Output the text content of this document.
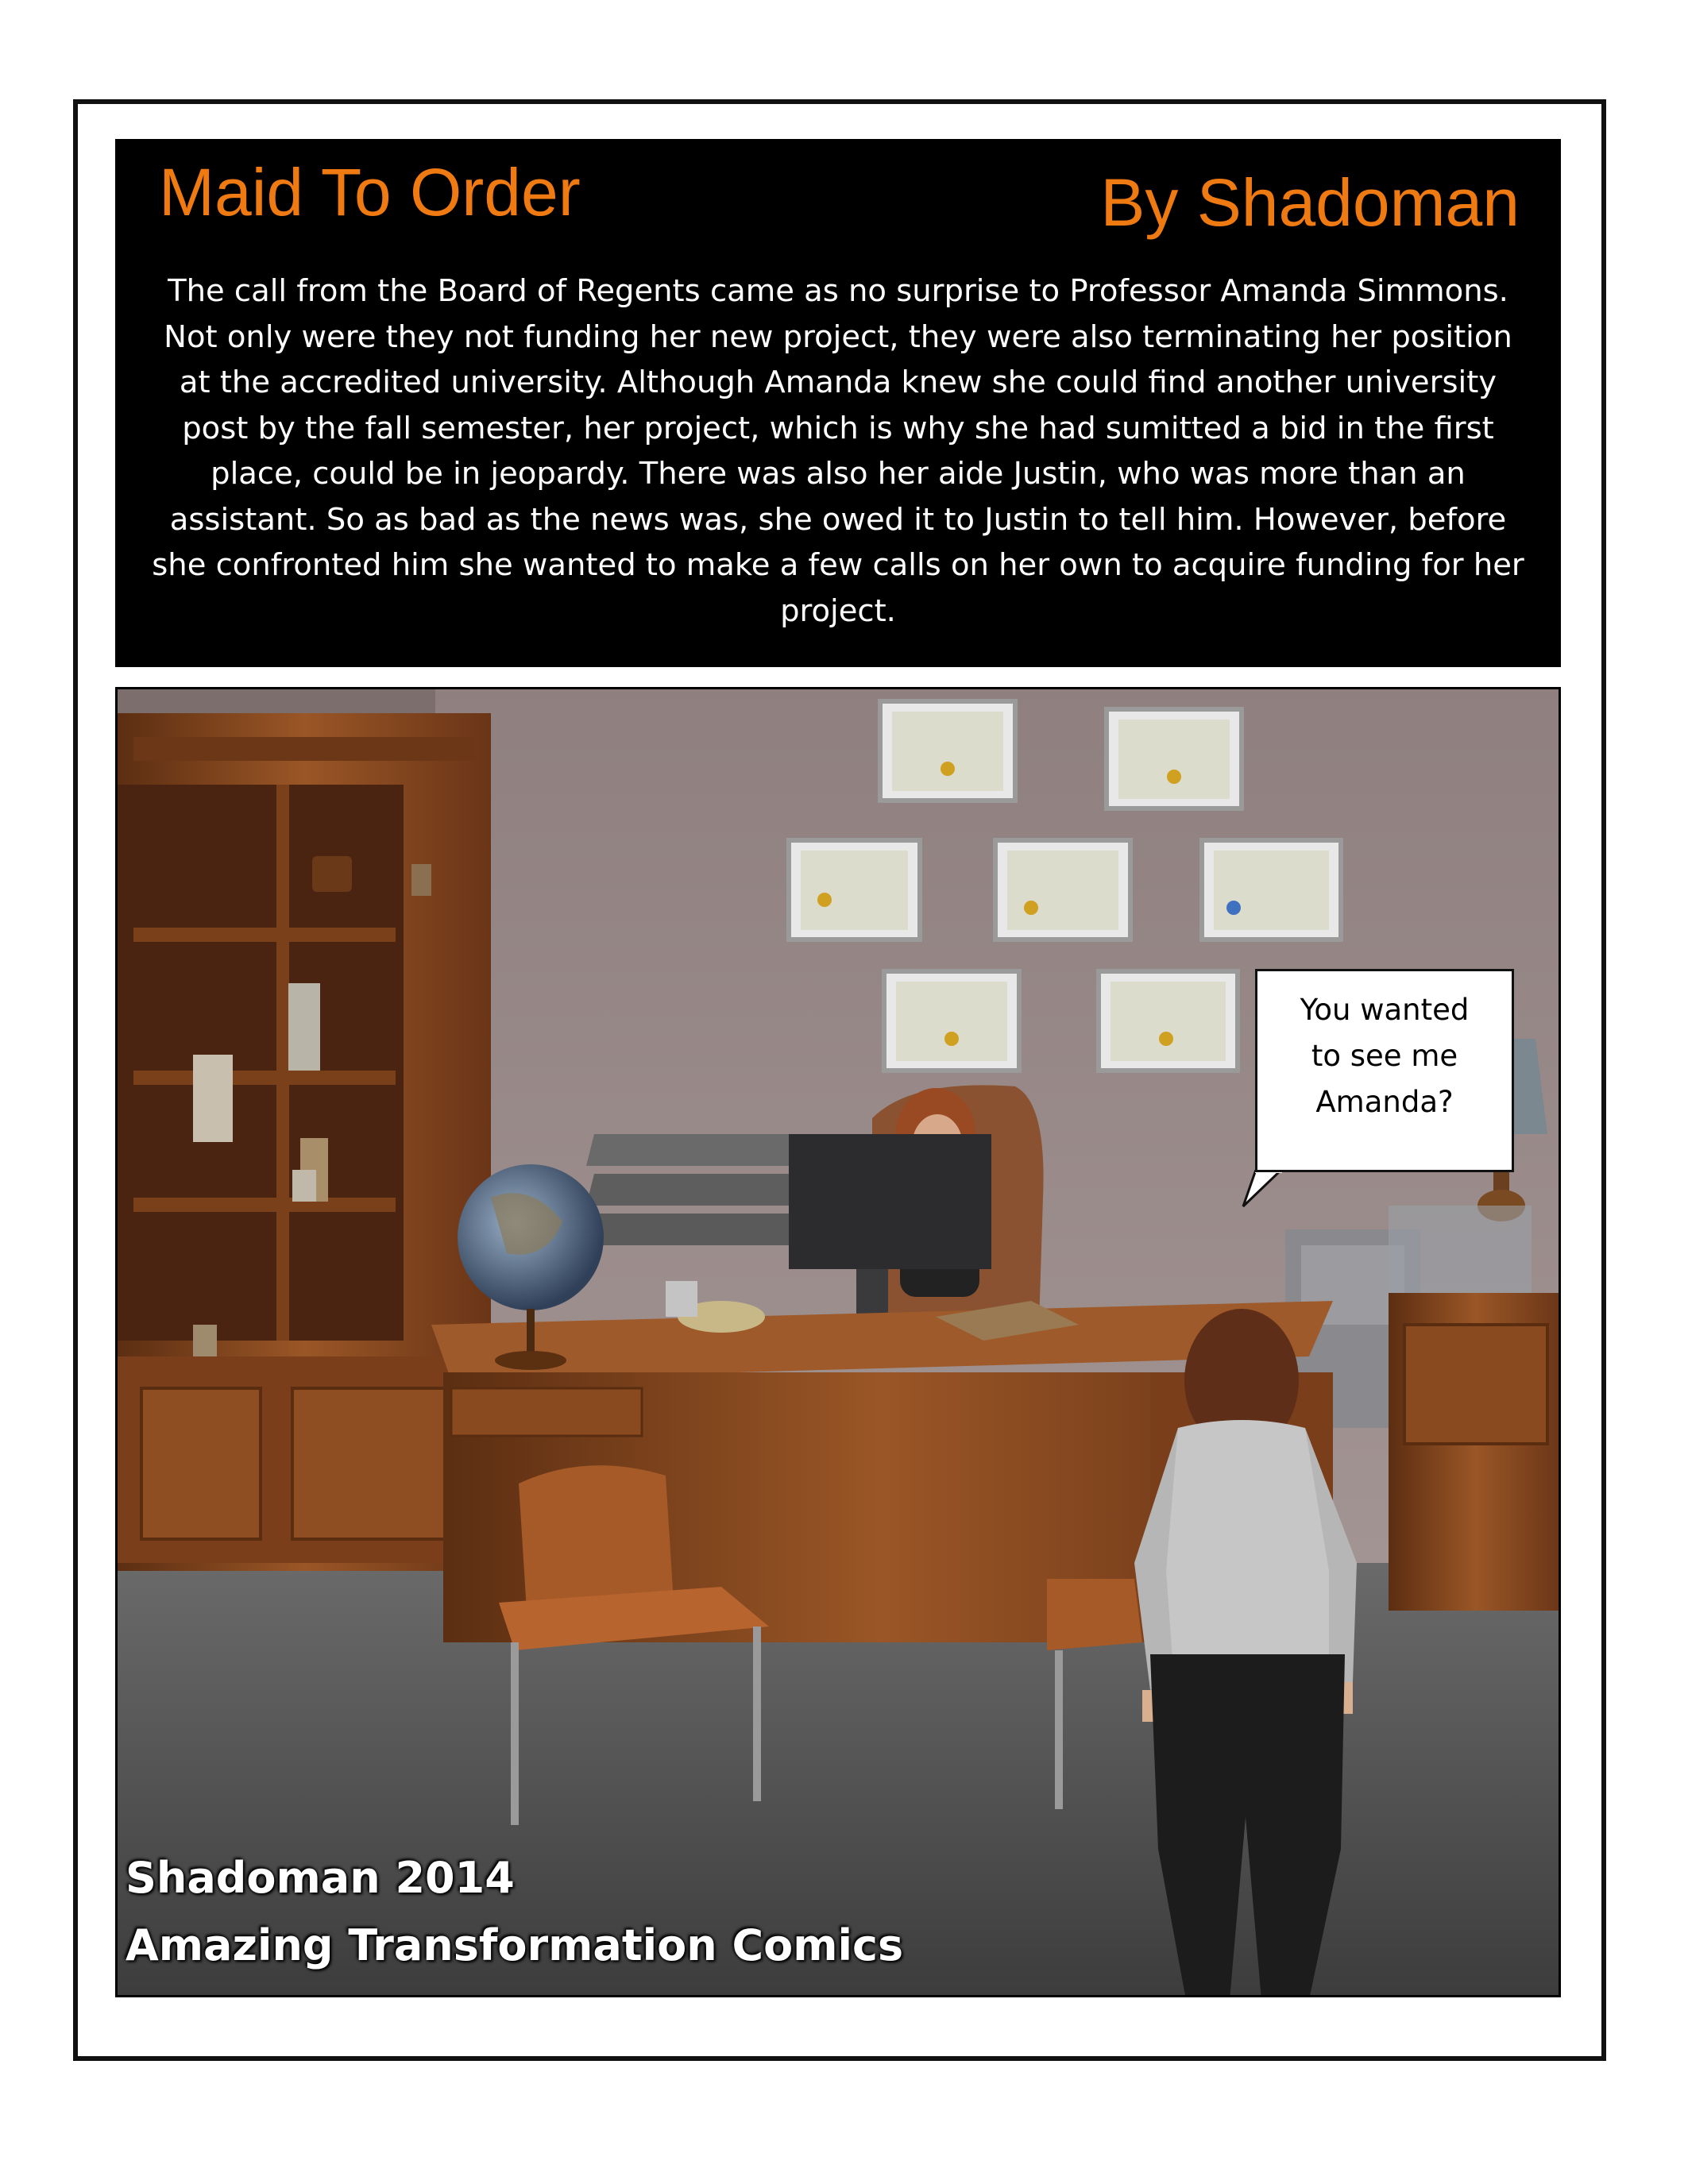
Maid To Order	By Shadoman
The call from the Board of Regents came as no surprise to Professor Amanda Simmons.
Not only were they not funding her new project, they were also terminating her position
at the accredited university. Although Amanda knew she could find another university
post by the fall semester, her project, which is why she had sumitted a bid in the first
place, could be in jeopardy. There was also her aide Justin, who was more than an
assistant. So as bad as the news was, she owed it to Justin to tell him. However, before
she confronted him she wanted to make a few calls on her own to acquire funding for her
project.
Shadoman 2014
Amazing Transformation Comics
You wanted
to see me
Amanda?
